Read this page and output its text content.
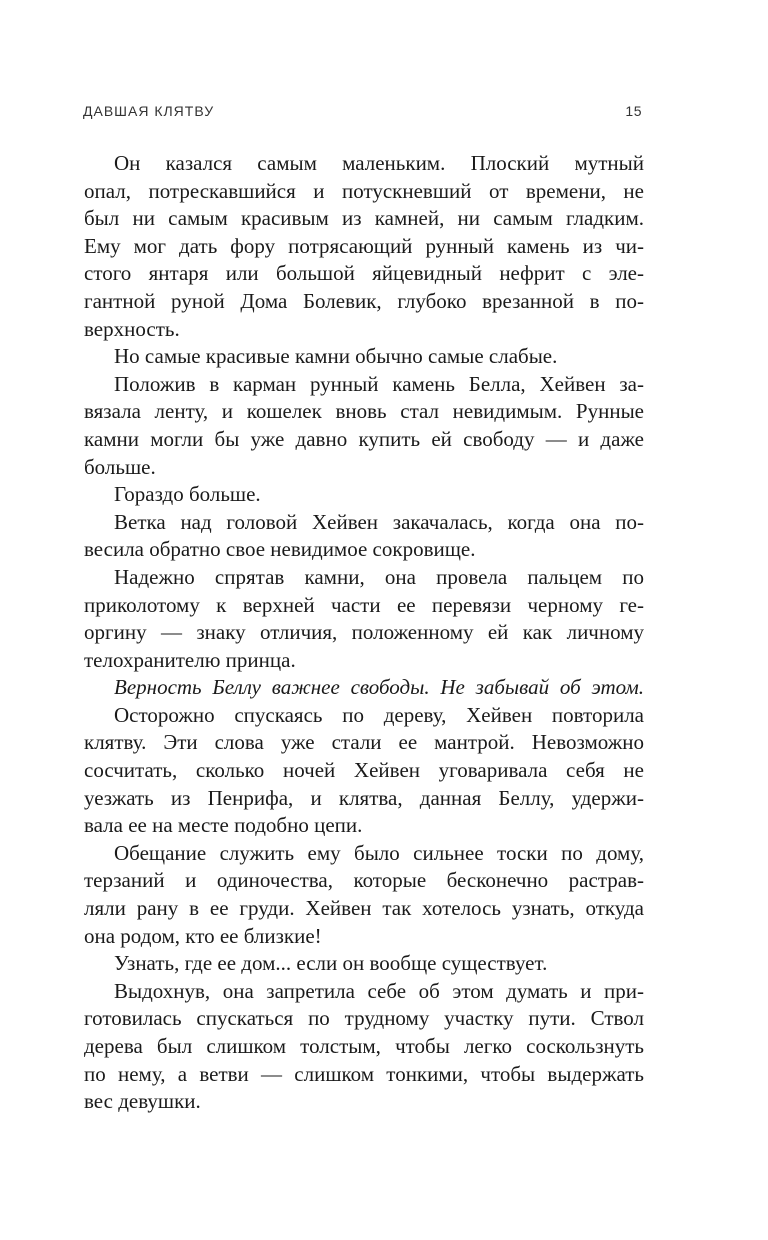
ДАВШАЯ КЛЯТВУ	15
Он казался самым маленьким. Плоский мутный
опал, потрескавшийся и потускневший от времени, не
был ни самым красивым из камней, ни самым гладким.
Ему мог дать фору потрясающий рунный камень из чи-
стого янтаря или большой яйцевидный нефрит с эле-
гантной руной Дома Болевик, глубоко врезанной в по-
верхность.
Но самые красивые камни обычно самые слабые.
Положив в карман рунный камень Белла, Хейвен за-
вязала ленту, и кошелек вновь стал невидимым. Рунные
камни могли бы уже давно купить ей свободу — и даже
больше.
Гораздо больше.
Ветка над головой Хейвен закачалась, когда она по-
весила обратно свое невидимое сокровище.
Надежно спрятав камни, она провела пальцем по
приколотому к верхней части ее перевязи черному ге-
оргину — знаку отличия, положенному ей как личному
телохранителю принца.
Верность Беллу важнее свободы. Не забывай об этом.
Осторожно спускаясь по дереву, Хейвен повторила
клятву. Эти слова уже стали ее мантрой. Невозможно
сосчитать, сколько ночей Хейвен уговаривала себя не
уезжать из Пенрифа, и клятва, данная Беллу, удержи-
вала ее на месте подобно цепи.
Обещание служить ему было сильнее тоски по дому,
терзаний и одиночества, которые бесконечно растрав-
ляли рану в ее груди. Хейвен так хотелось узнать, откуда
она родом, кто ее близкие!
Узнать, где ее дом... если он вообще существует.
Выдохнув, она запретила себе об этом думать и при-
готовилась спускаться по трудному участку пути. Ствол
дерева был слишком толстым, чтобы легко соскользнуть
по нему, а ветви — слишком тонкими, чтобы выдержать
вес девушки.
